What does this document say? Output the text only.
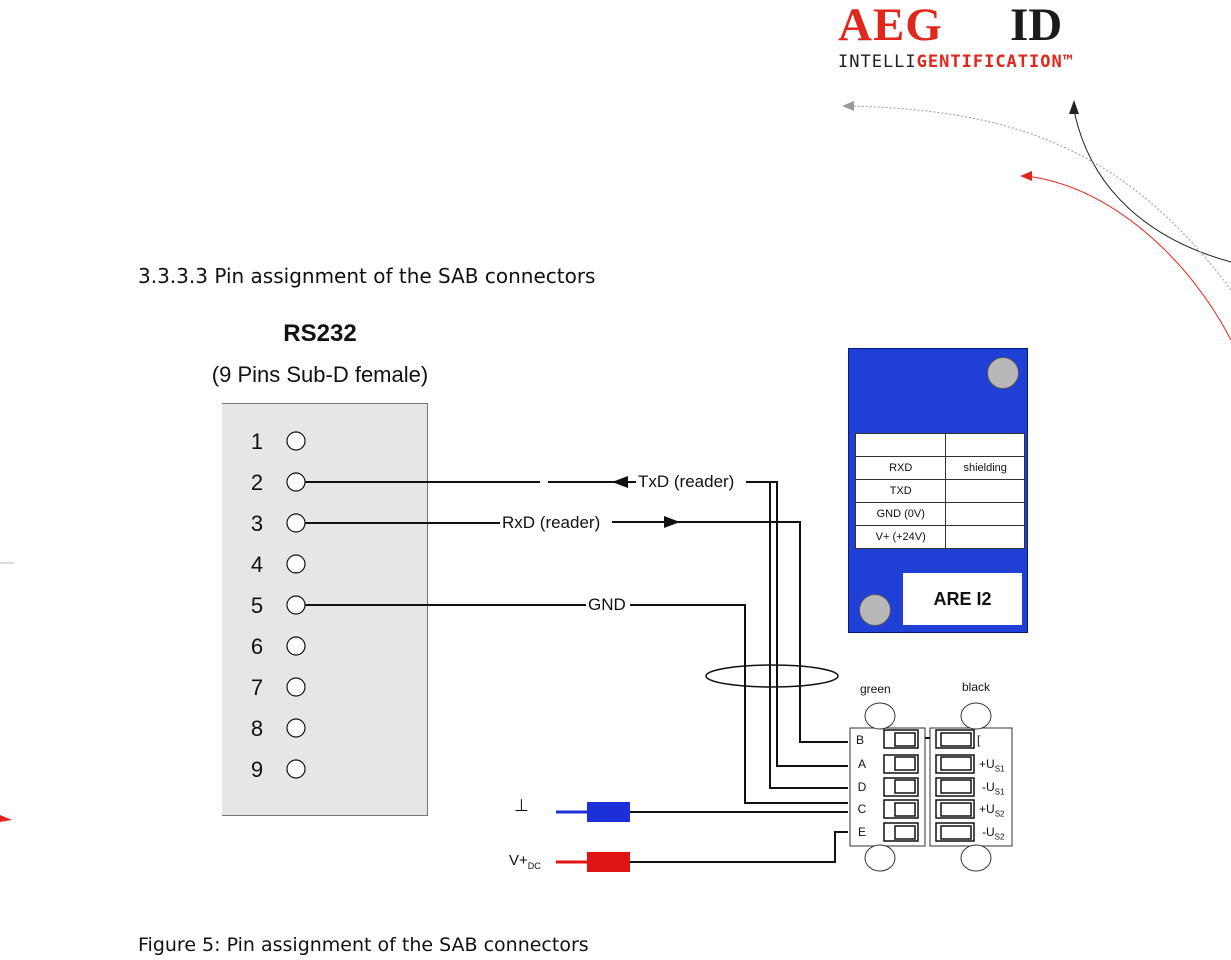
AEG ID
INTELLIGENTIFICATION™
3.3.3.3 Pin assignment of the SAB connectors
RS232
(9 Pins Sub-D female)
1
2
3
4
5
6
7
8
9
TxD (reader)
RxD (reader)
GND
⊥
$V+_{DC}$
green	black
B
A
D
C
E
[
$+U_{S1}$
$-U_{S1}$
$+U_{S2}$
$-U_{S2}$

RXD	shielding
TXD	
GND (0V)	
V+ (+24V)	
ARE I2
Figure 5: Pin assignment of the SAB connectors
